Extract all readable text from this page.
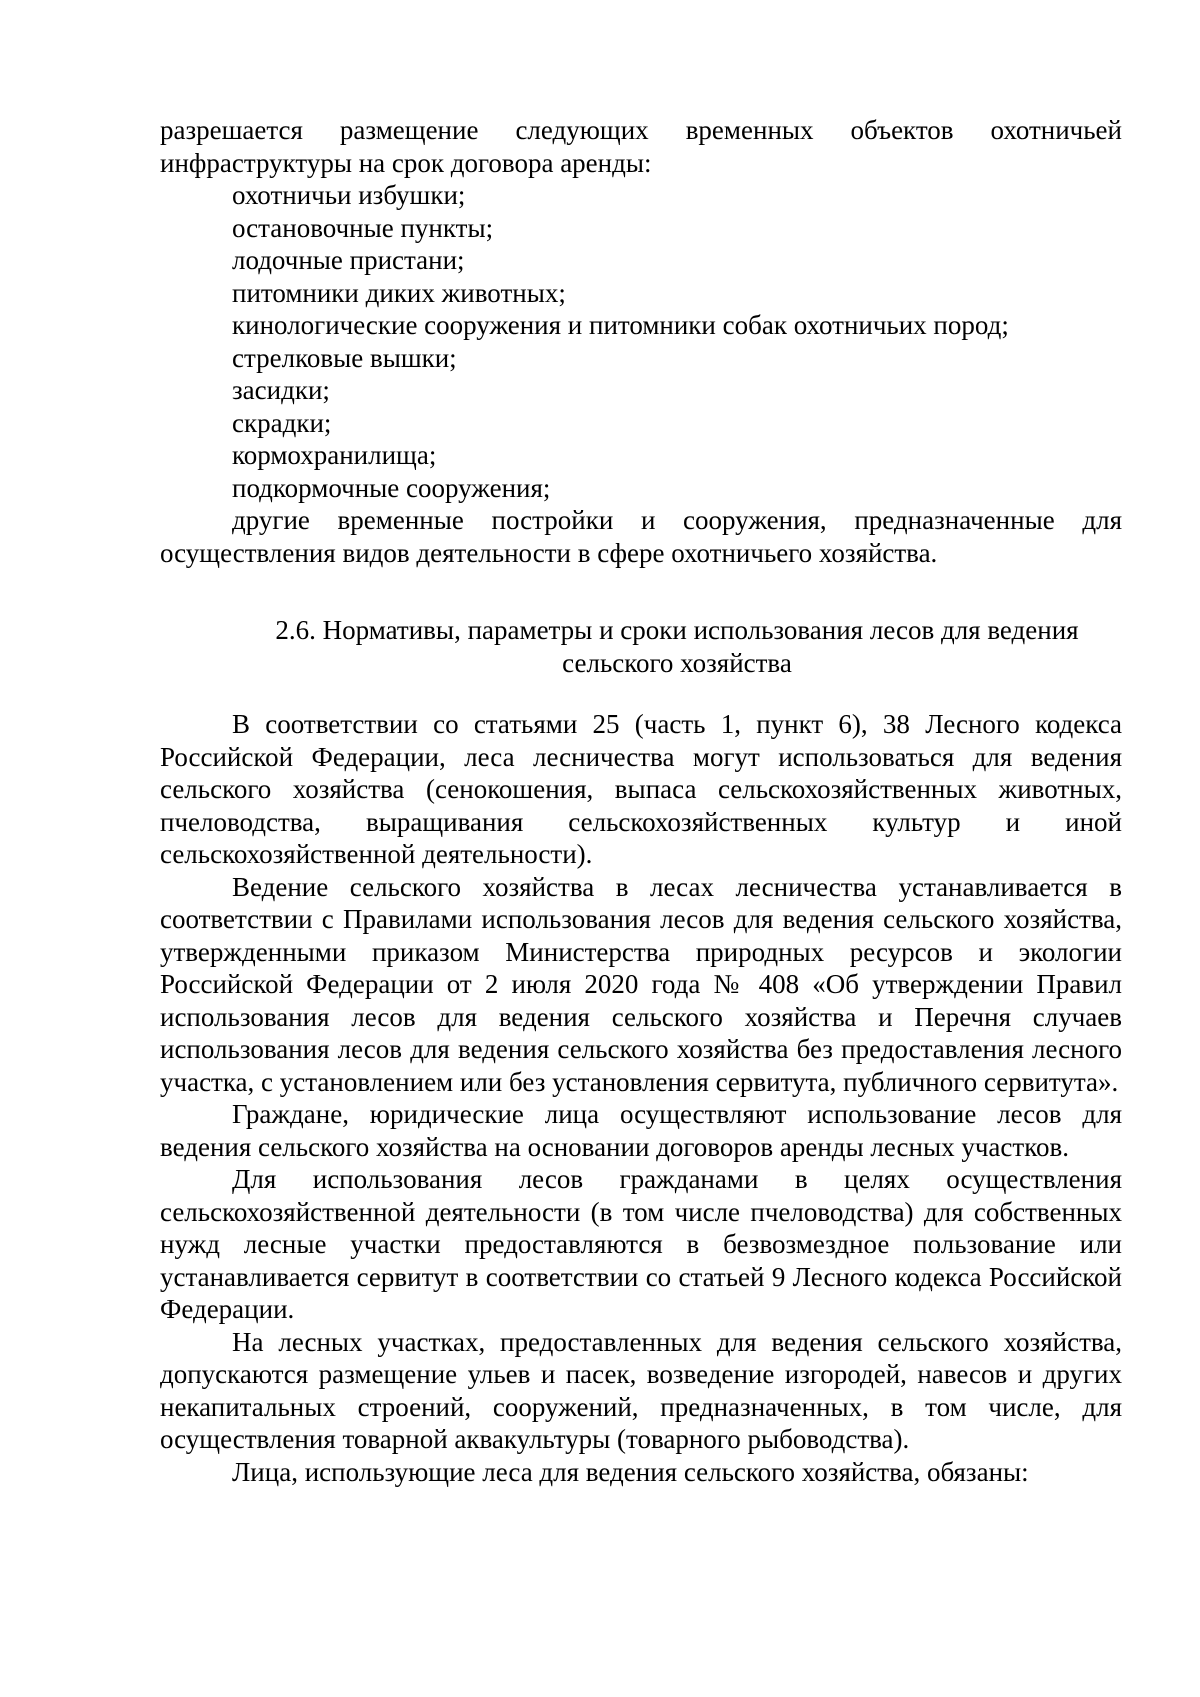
разрешается размещение следующих временных объектов охотничьей инфраструктуры на срок договора аренды:

охотничьи избушки;

остановочные пункты;

лодочные пристани;

питомники диких животных;

кинологические сооружения и питомники собак охотничьих пород;

стрелковые вышки;

засидки;

скрадки;

кормохранилища;

подкормочные сооружения;

другие временные постройки и сооружения, предназначенные для осуществления видов деятельности в сфере охотничьего хозяйства.

2.6. Нормативы, параметры и сроки использования лесов для ведения

сельского хозяйства

В соответствии со статьями 25 (часть 1, пункт 6), 38 Лесного кодекса Российской Федерации, леса лесничества могут использоваться для ведения сельского хозяйства (сенокошения, выпаса сельскохозяйственных животных, пчеловодства, выращивания сельскохозяйственных культур и иной сельскохозяйственной деятельности).

Ведение сельского хозяйства в лесах лесничества устанавливается в соответствии с Правилами использования лесов для ведения сельского хозяйства, утвержденными приказом Министерства природных ресурсов и экологии Российской Федерации от 2 июля 2020 года № 408 «Об утверждении Правил использования лесов для ведения сельского хозяйства и Перечня случаев использования лесов для ведения сельского хозяйства без предоставления лесного участка, с установлением или без установления сервитута, публичного сервитута».

Граждане, юридические лица осуществляют использование лесов для ведения сельского хозяйства на основании договоров аренды лесных участков.

Для использования лесов гражданами в целях осуществления сельскохозяйственной деятельности (в том числе пчеловодства) для собственных нужд лесные участки предоставляются в безвозмездное пользование или устанавливается сервитут в соответствии со статьей 9 Лесного кодекса Российской Федерации.

На лесных участках, предоставленных для ведения сельского хозяйства, допускаются размещение ульев и пасек, возведение изгородей, навесов и других некапитальных строений, сооружений, предназначенных, в том числе, для осуществления товарной аквакультуры (товарного рыбоводства).

Лица, использующие леса для ведения сельского хозяйства, обязаны:
